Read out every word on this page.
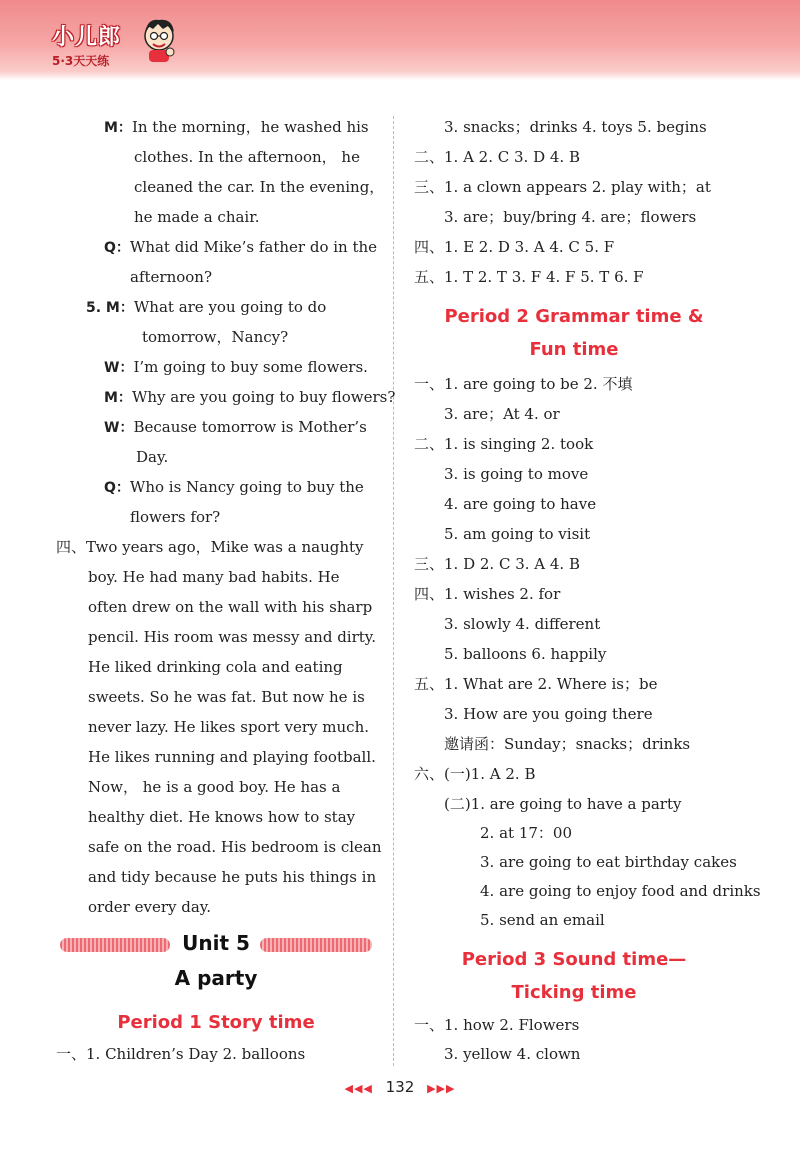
小儿郎
5·3天天练
M：In the morning，he washed his
clothes. In the afternoon， he
cleaned the car. In the evening，
he made a chair.
Q：What did Mike’s father do in the
afternoon?
5. M：What are you going to do
tomorrow，Nancy?
W：I’m going to buy some flowers.
M：Why are you going to buy flowers?
W：Because tomorrow is Mother’s
Day.
Q：Who is Nancy going to buy the
flowers for?
四、Two years ago，Mike was a naughty
boy. He had many bad habits. He
often drew on the wall with his sharp
pencil. His room was messy and dirty.
He liked drinking cola and eating
sweets. So he was fat. But now he is
never lazy. He likes sport very much.
He likes running and playing football.
Now， he is a good boy. He has a
healthy diet. He knows how to stay
safe on the road. His bedroom is clean
and tidy because he puts his things in
order every day.
Unit 5
A party
Period 1 Story time
一、1. Children’s Day 2. balloons
3. snacks；drinks 4. toys 5. begins
二、1. A 2. C 3. D 4. B
三、1. a clown appears 2. play with；at
3. are；buy/bring 4. are；flowers
四、1. E 2. D 3. A 4. C 5. F
五、1. T 2. T 3. F 4. F 5. T 6. F
Period 2 Grammar time &
Fun time
一、1. are going to be 2. 不填
3. are；At 4. or
二、1. is singing 2. took
3. is going to move
4. are going to have
5. am going to visit
三、1. D 2. C 3. A 4. B
四、1. wishes 2. for
3. slowly 4. different
5. balloons 6. happily
五、1. What are 2. Where is；be
3. How are you going there
邀请函：Sunday；snacks；drinks
六、(一)1. A 2. B
(二)1. are going to have a party
2. at 17：00
3. are going to eat birthday cakes
4. are going to enjoy food and drinks
5. send an email
Period 3 Sound time—
Ticking time
一、1. how 2. Flowers
3. yellow 4. clown
◀◀◀ 132 ▶▶▶
